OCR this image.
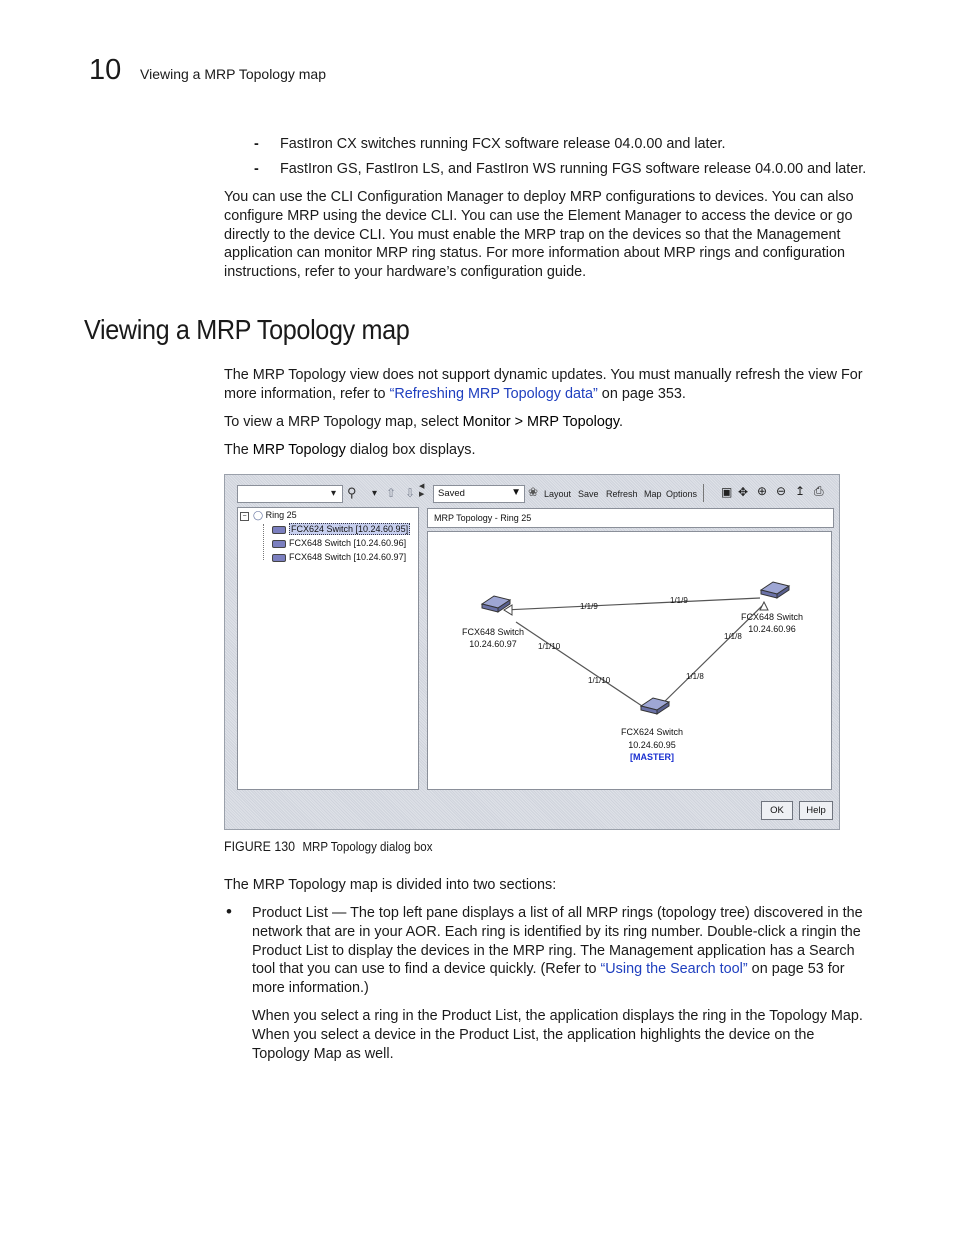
10 Viewing a MRP Topology map
- FastIron CX switches running FCX software release 04.0.00 and later.
- FastIron GS, FastIron LS, and FastIron WS running FGS software release 04.0.00 and later.

You can use the CLI Configuration Manager to deploy MRP configurations to devices. You can also configure MRP using the device CLI. You can use the Element Manager to access the device or go directly to the device CLI. You must enable the MRP trap on the devices so that the Management application can monitor MRP ring status. For more information about MRP rings and configuration instructions, refer to your hardware’s configuration guide.

Viewing a MRP Topology map

The MRP Topology view does not support dynamic updates. You must manually refresh the view For more information, refer to “Refreshing MRP Topology data” on page 353.

To view a MRP Topology map, select Monitor > MRP Topology.

The MRP Topology dialog box displays.

▾ ⚲ ▾ ⇧ ⇩ ◀
▶ Saved	▼ ❀ Layout Save Refresh Map Options ▣ ✥ ⊕ ⊖ ↥ ⎙
− ◯ Ring 25
FCX624 Switch [10.24.60.95]
FCX648 Switch [10.24.60.96]
FCX648 Switch [10.24.60.97]
MRP Topology - Ring 25
1/1/9
1/1/9
1/1/10
1/1/8
1/1/10	1/1/8
FCX648 Switch
10.24.60.97
FCX648 Switch
10.24.60.96
FCX624 Switch
10.24.60.95
[MASTER]
OK	Help
FIGURE 130 MRP Topology dialog box

The MRP Topology map is divided into two sections:

• Product List — The top left pane displays a list of all MRP rings (topology tree) discovered in the network that are in your AOR. Each ring is identified by its ring number. Double-click a ringin the Product List to display the devices in the MRP ring. The Management application has a Search tool that you can use to find a device quickly. (Refer to “Using the Search tool” on page 53 for more information.)

When you select a ring in the Product List, the application displays the ring in the Topology Map. When you select a device in the Product List, the application highlights the device on the Topology Map as well.
